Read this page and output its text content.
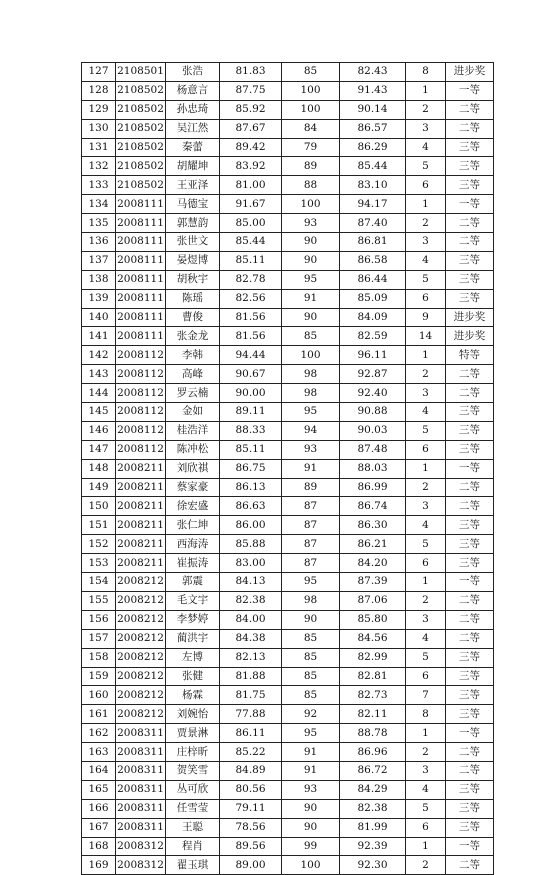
127	2108501	张浩	81.83	85	82.43	8	进步奖
128	2108502	杨意言	87.75	100	91.43	1	一等
129	2108502	孙忠琦	85.92	100	90.14	2	二等
130	2108502	吴江然	87.67	84	86.57	3	二等
131	2108502	秦蕾	89.42	79	86.29	4	三等
132	2108502	胡耀坤	83.92	89	85.44	5	三等
133	2108502	王亚泽	81.00	88	83.10	6	三等
134	2008111	马德宝	91.67	100	94.17	1	一等
135	2008111	郭慧韵	85.00	93	87.40	2	二等
136	2008111	张世文	85.44	90	86.81	3	二等
137	2008111	晏煜博	85.11	90	86.58	4	三等
138	2008111	胡秋宇	82.78	95	86.44	5	三等
139	2008111	陈瑶	82.56	91	85.09	6	三等
140	2008111	曹俊	81.56	90	84.09	9	进步奖
141	2008111	张金龙	81.56	85	82.59	14	进步奖
142	2008112	李韩	94.44	100	96.11	1	特等
143	2008112	高峰	90.67	98	92.87	2	二等
144	2008112	罗云楠	90.00	98	92.40	3	二等
145	2008112	金如	89.11	95	90.88	4	三等
146	2008112	桂浩洋	88.33	94	90.03	5	三等
147	2008112	陈冲松	85.11	93	87.48	6	三等
148	2008211	刘欣祺	86.75	91	88.03	1	一等
149	2008211	蔡家豪	86.13	89	86.99	2	二等
150	2008211	徐宏盛	86.63	87	86.74	3	二等
151	2008211	张仁坤	86.00	87	86.30	4	三等
152	2008211	西海涛	85.88	87	86.21	5	三等
153	2008211	崔振涛	83.00	87	84.20	6	三等
154	2008212	郭震	84.13	95	87.39	1	一等
155	2008212	毛文宇	82.38	98	87.06	2	二等
156	2008212	李梦婷	84.00	90	85.80	3	二等
157	2008212	蔺洪宇	84.38	85	84.56	4	二等
158	2008212	左博	82.13	85	82.99	5	三等
159	2008212	张健	81.88	85	82.81	6	三等
160	2008212	杨霖	81.75	85	82.73	7	三等
161	2008212	刘婉怡	77.88	92	82.11	8	三等
162	2008311	贾景淋	86.11	95	88.78	1	一等
163	2008311	庄梓昕	85.22	91	86.96	2	二等
164	2008311	贺笑雪	84.89	91	86.72	3	二等
165	2008311	丛可欣	80.56	93	84.29	4	三等
166	2008311	任雪莹	79.11	90	82.38	5	三等
167	2008311	王聪	78.56	90	81.99	6	三等
168	2008312	程肖	89.56	99	92.39	1	一等
169	2008312	翟玉琪	89.00	100	92.30	2	二等
